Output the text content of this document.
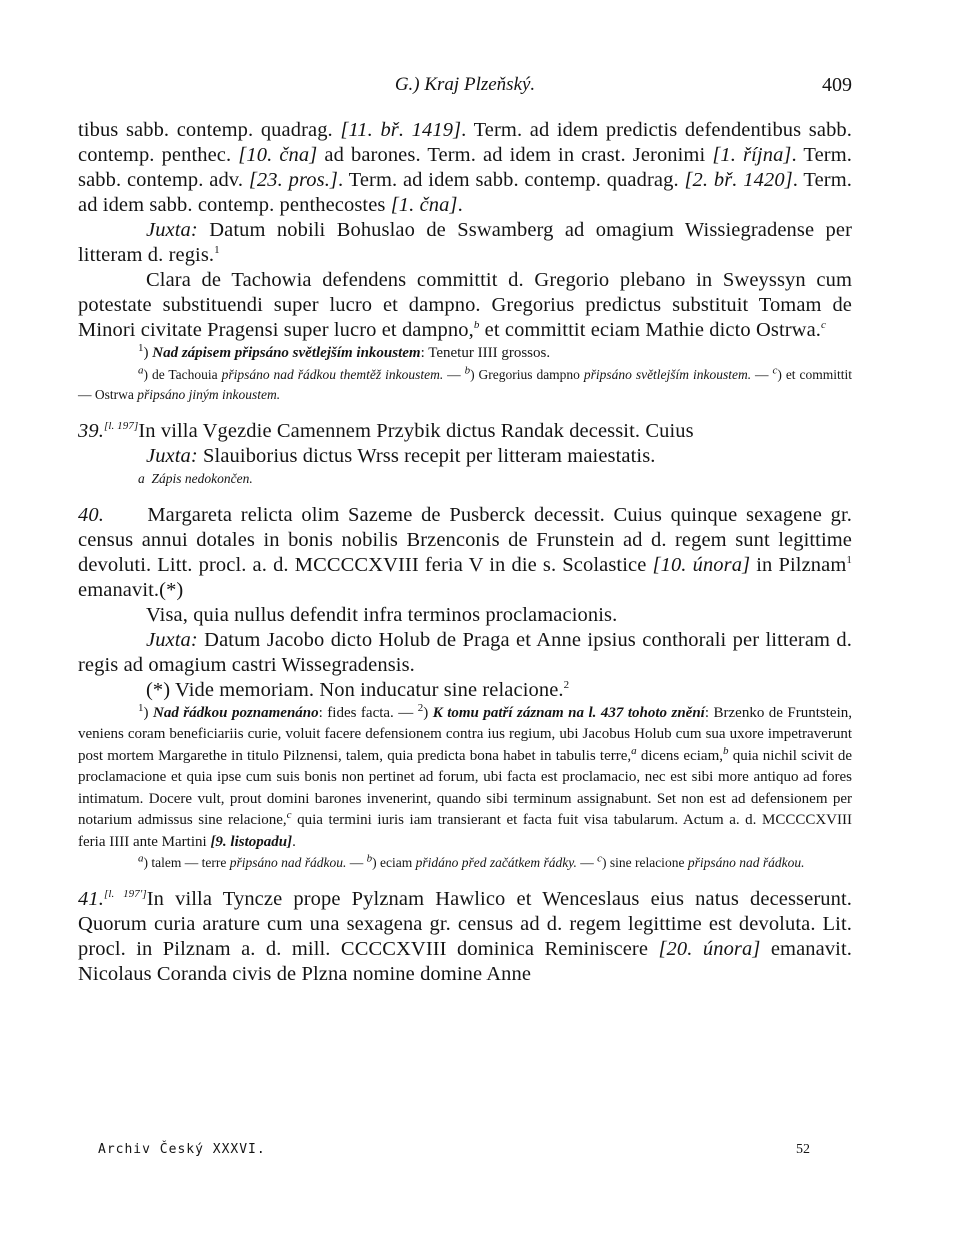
G.) Kraj Plzeňský.	409

tibus sabb. contemp. quadrag. [11. bř. 1419]. Term. ad idem predictis defendentibus sabb. contemp. penthec. [10. čna] ad barones. Term. ad idem in crast. Jeronimi [1. října]. Term. sabb. contemp. adv. [23. pros.]. Term. ad idem sabb. contemp. quadrag. [2. bř. 1420]. Term. ad idem sabb. contemp. penthecostes [1. čna].

Juxta: Datum nobili Bohuslao de Sswamberg ad omagium Wissiegradense per litteram d. regis.$^1$

Clara de Tachowia defendens committit d. Gregorio plebano in Sweyssyn cum potestate substituendi super lucro et dampno. Gregorius predictus substituit Tomam de Minori civitate Pragensi super lucro et dampno,$^b$ et committit eciam Mathie dicto Ostrwa.$^c$

$^1$) Nad zápisem připsáno světlejším inkoustem: Tenetur IIII grossos.

$^a$) de Tachouia připsáno nad řádkou themtěž inkoustem. — $^b$) Gregorius dampno připsáno světlejším inkoustem. — $^c$) et committit — Ostrwa připsáno jiným inkoustem.

39.[l. 197]In villa Vgezdie Camennem Przybik dictus Randak decessit. Cuius

Juxta: Slauiborius dictus Wrss recepit per litteram maiestatis.

a Zápis nedokončen.

40. Margareta relicta olim Sazeme de Pusberck decessit. Cuius quinque sexagene gr. census annui dotales in bonis nobilis Brzenconis de Frunstein ad d. regem sunt legittime devoluti. Litt. procl. a. d. MCCCCXVIII feria V in die s. Scolastice [10. února] in Pilznam$^1$ emanavit.(*)

Visa, quia nullus defendit infra terminos proclamacionis.

Juxta: Datum Jacobo dicto Holub de Praga et Anne ipsius conthorali per litteram d. regis ad omagium castri Wissegradensis.

(*) Vide memoriam. Non inducatur sine relacione.$^2$

$^1$) Nad řádkou poznamenáno: fides facta. — $^2$) K tomu patří záznam na l. 437 tohoto znění: Brzenko de Fruntstein, veniens coram beneficiariis curie, voluit facere defensionem contra ius regium, ubi Jacobus Holub cum sua uxore impetraverunt post mortem Margarethe in titulo Pilznensi, talem, quia predicta bona habet in tabulis terre,$^a$ dicens eciam,$^b$ quia nichil scivit de proclamacione et quia ipse cum suis bonis non pertinet ad forum, ubi facta est proclamacio, nec est sibi more antiquo ad fores intimatum. Docere vult, prout domini barones invenerint, quando sibi terminum assignabunt. Set non est ad defensionem per notarium admissus sine relacione,$^c$ quia termini iuris iam transierant et facta fuit visa tabularum. Actum a. d. MCCCCXVIII feria IIII ante Martini [9. listopadu].

$^a$) talem — terre připsáno nad řádkou. — $^b$) eciam přidáno před začátkem řádky. — $^c$) sine relacione připsáno nad řádkou.

41.[l. 197']In villa Tyncze prope Pylznam Hawlico et Wenceslaus eius natus decesserunt. Quorum curia arature cum una sexagena gr. census ad d. regem legittime est devoluta. Lit. procl. in Pilznam a. d. mill. CCCCXVIII dominica Reminiscere [20. února] emanavit. Nicolaus Coranda civis de Plzna nomine domine Anne

Archiv Český XXXVI.	52
